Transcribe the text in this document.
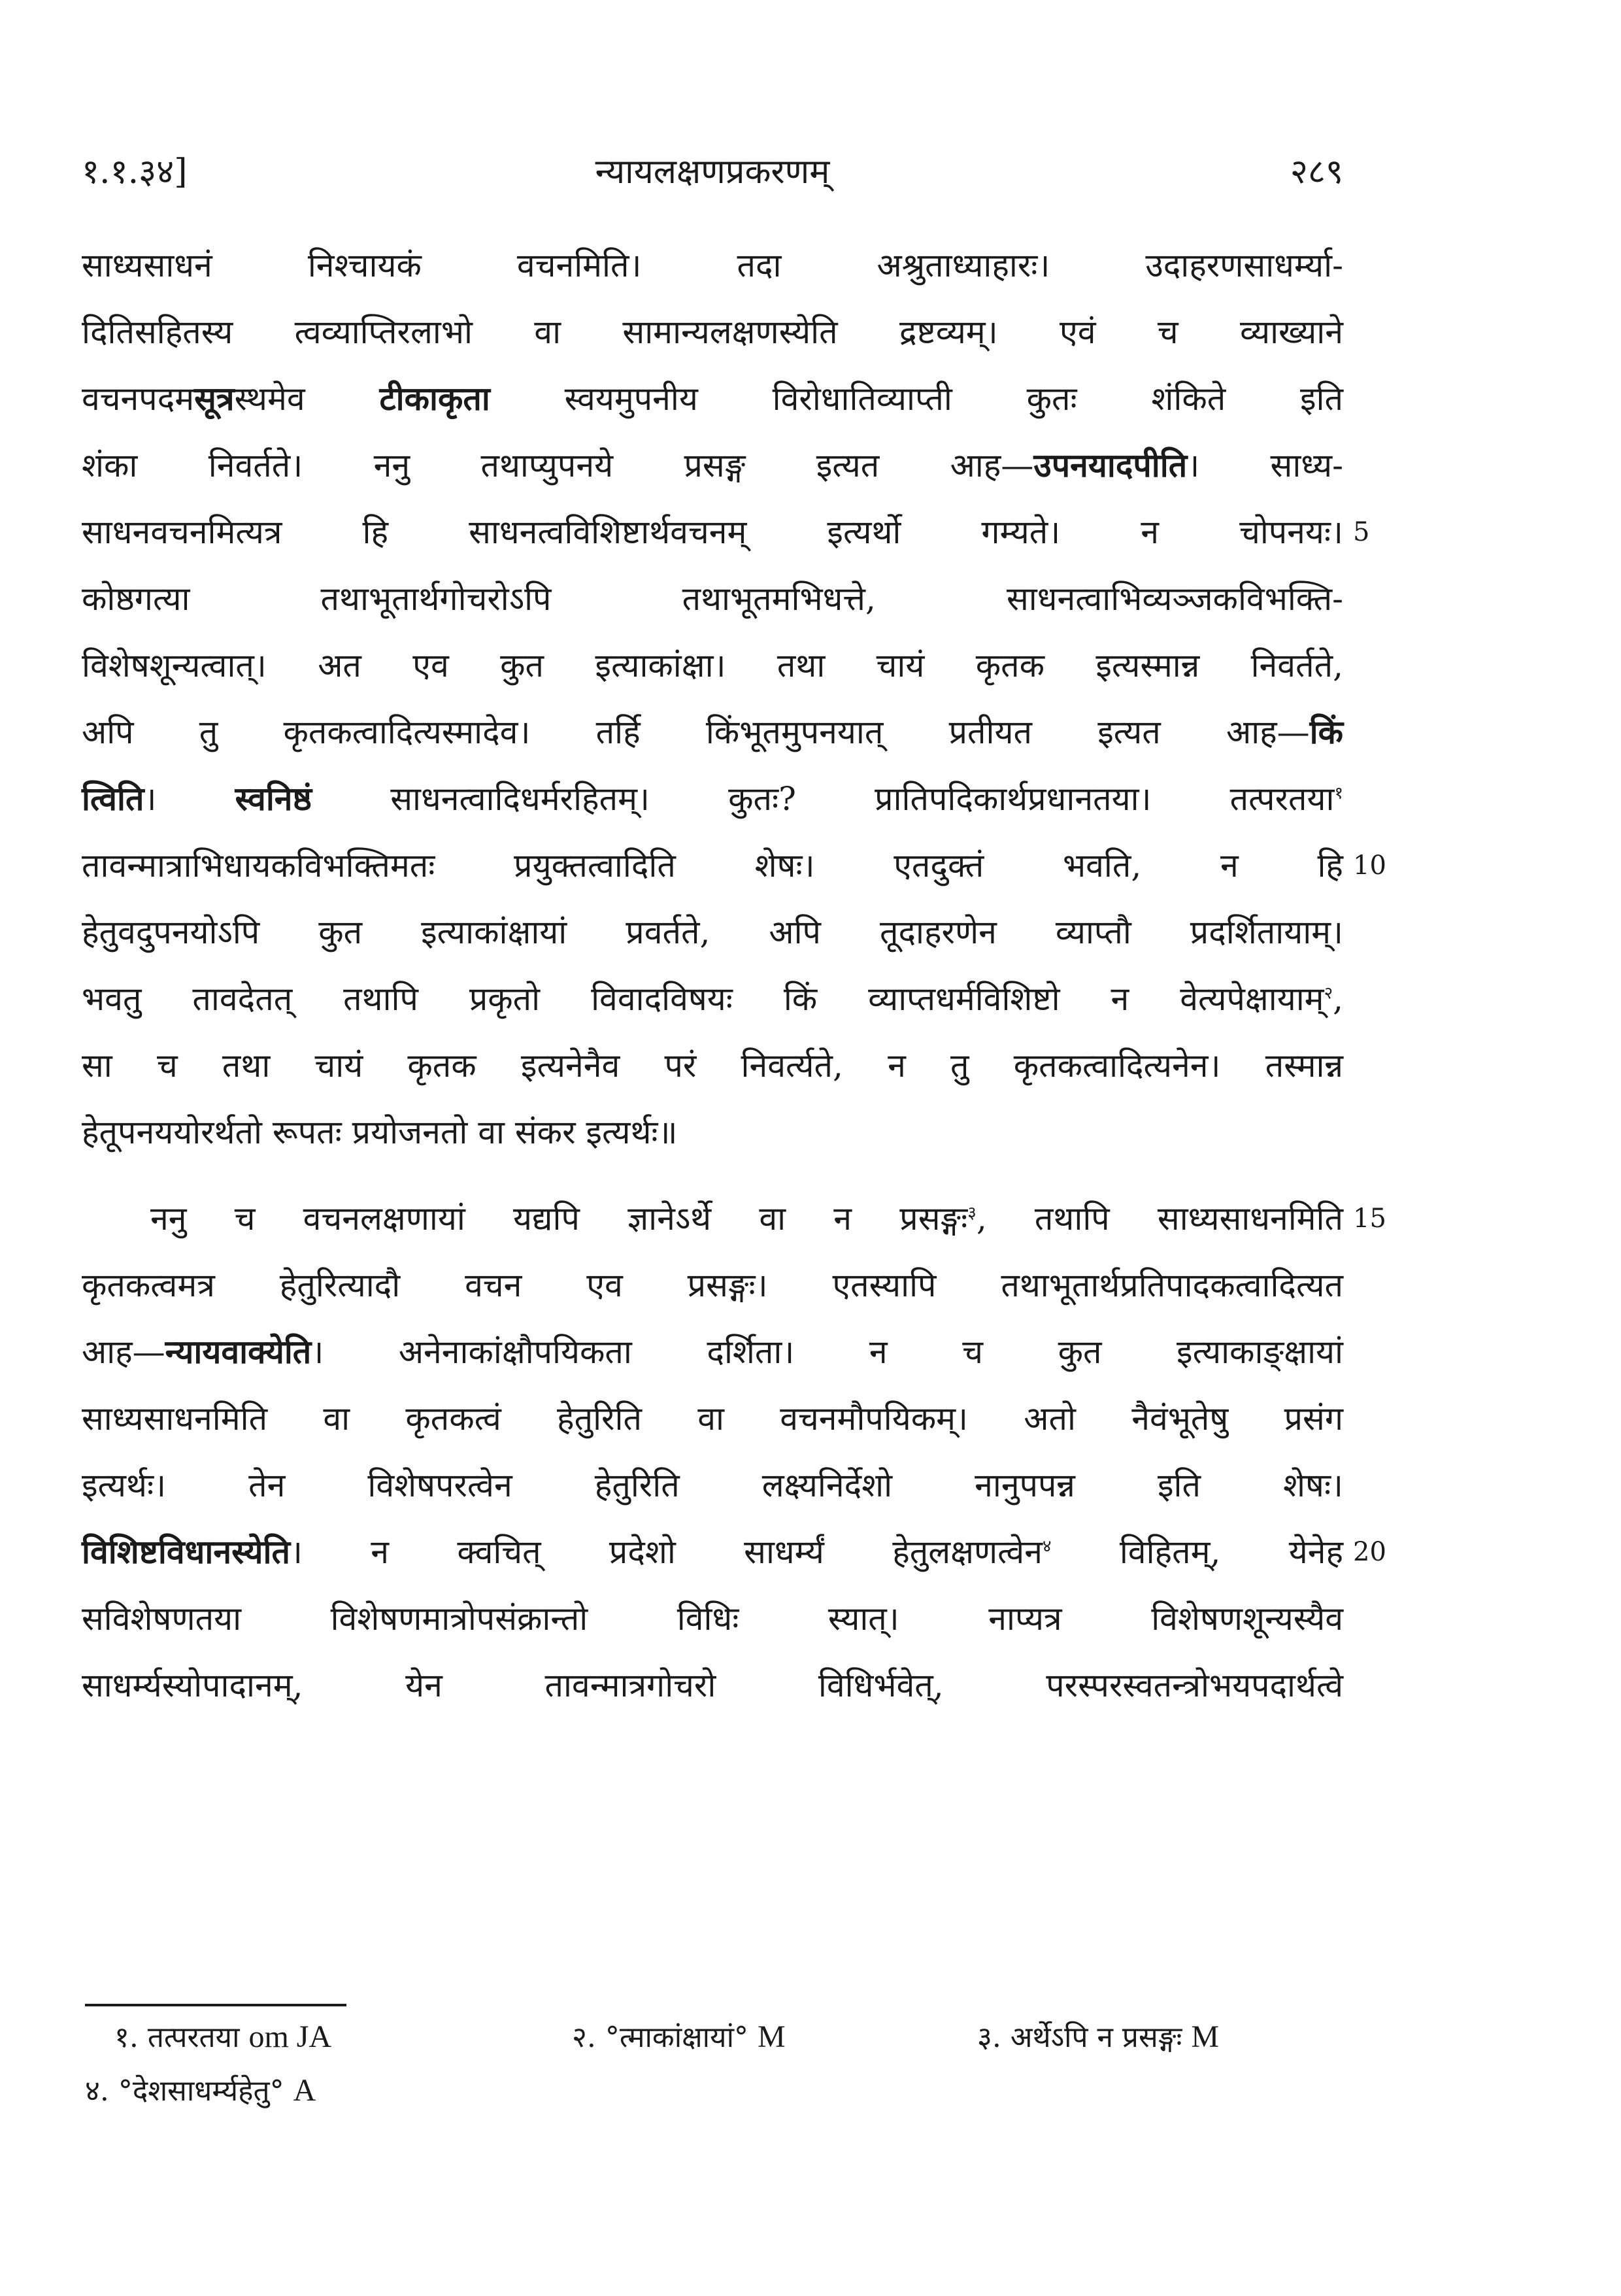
१.१.३४]	न्यायलक्षणप्रकरणम्	२८९
साध्यसाधनं निश्चायकं वचनमिति। तदा अश्रुताध्याहारः। उदाहरणसाधर्म्या-
दितिसहितस्य त्वव्याप्तिरलाभो वा सामान्यलक्षणस्येति द्रष्टव्यम्। एवं च व्याख्याने
वचनपदमसूत्रस्थमेव टीकाकृता स्वयमुपनीय विरोधातिव्याप्ती कुतः शंकिते इति
शंका निवर्तते। ननु तथाप्युपनये प्रसङ्ग इत्यत आह—उपनयादपीति। साध्य-
साधनवचनमित्यत्र हि साधनत्वविशिष्टार्थवचनम् इत्यर्थो गम्यते। न चोपनयः। 5
कोष्ठगत्या तथाभूतार्थगोचरोऽपि तथाभूतमभिधत्ते, साधनत्वाभिव्यञ्जकविभक्ति-
विशेषशून्यत्वात्। अत एव कुत इत्याकांक्षा। तथा चायं कृतक इत्यस्मान्न निवर्तते,
अपि तु कृतकत्वादित्यस्मादेव। तर्हि किंभूतमुपनयात् प्रतीयत इत्यत आह—किं
त्विति। स्वनिष्ठं साधनत्वादिधर्मरहितम्। कुतः? प्रातिपदिकार्थप्रधानतया। तत्परतया$^१$
तावन्मात्राभिधायकविभक्तिमतः प्रयुक्तत्वादिति शेषः। एतदुक्तं भवति, न हि 10
हेतुवदुपनयोऽपि कुत इत्याकांक्षायां प्रवर्तते, अपि तूदाहरणेन व्याप्तौ प्रदर्शितायाम्।
भवतु तावदेतत् तथापि प्रकृतो विवादविषयः किं व्याप्तधर्मविशिष्टो न वेत्यपेक्षायाम्$^२$,
सा च तथा चायं कृतक इत्यनेनैव परं निवर्त्यते, न तु कृतकत्वादित्यनेन। तस्मान्न
हेतूपनययोरर्थतो रूपतः प्रयोजनतो वा संकर इत्यर्थः॥
ननु च वचनलक्षणायां यद्यपि ज्ञानेऽर्थे वा न प्रसङ्गः$^३$, तथापि साध्यसाधनमिति 15
कृतकत्वमत्र हेतुरित्यादौ वचन एव प्रसङ्गः। एतस्यापि तथाभूतार्थप्रतिपादकत्वादित्यत
आह—न्यायवाक्येति। अनेनाकांक्षौपयिकता दर्शिता। न च कुत इत्याकाङ्क्षायां
साध्यसाधनमिति वा कृतकत्वं हेतुरिति वा वचनमौपयिकम्। अतो नैवंभूतेषु प्रसंग
इत्यर्थः। तेन विशेषपरत्वेन हेतुरिति लक्ष्यनिर्देशो नानुपपन्न इति शेषः।
विशिष्टविधानस्येति। न क्वचित् प्रदेशो साधर्म्यं हेतुलक्षणत्वेन$^४$ विहितम्, येनेह 20
सविशेषणतया विशेषणमात्रोपसंक्रान्तो विधिः स्यात्। नाप्यत्र विशेषणशून्यस्यैव
साधर्म्यस्योपादानम्, येन तावन्मात्रगोचरो विधिर्भवेत्, परस्परस्वतन्त्रोभयपदार्थत्वे
१. तत्परतया om JA	२. °त्माकांक्षायां° M	३. अर्थेऽपि न प्रसङ्गः M
४. °देशसाधर्म्यहेतु° A
